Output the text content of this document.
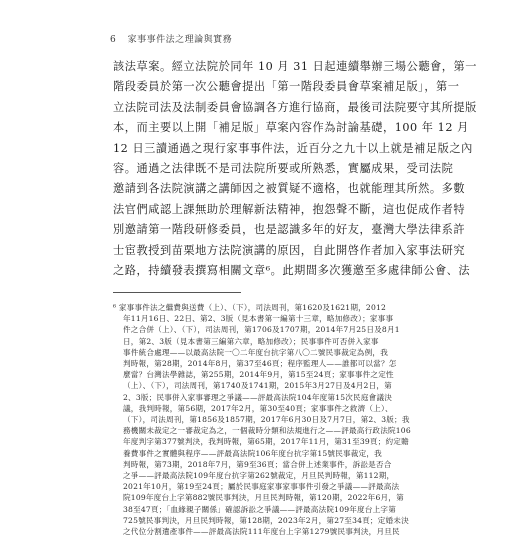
6 家事事件法之理論與實務
該法草案。經立法院於同年 10 月 31 日起連續舉辦三場公聽會，第一
階段委員於第一次公聽會提出「第一階段委員會草案補足版」，第一
立法院司法及法制委員會協調各方進行協商，最後司法院要守其所提版
本，而主要以上開「補足版」草案內容作為討論基礎，100 年 12 月
12 日三讀通過之現行家事事件法，近百分之九十以上就是補足版之內
容。通過之法律既不是司法院所要或所熟悉，實屬成果，受司法院
邀請到各法院演講之講師因之被質疑不適格，也就能理其所然。多數
法官們咸認上課無助於理解新法精神，抱怨聲不斷，這也促成作者特
別邀請第一階段研修委員，也是認識多年的好友，臺灣大學法律系許
士宦教授到苗栗地方法院演講的原因，自此開啓作者加入家事法研究
之路，持續發表撰寫相關文章⁶。此期間多次獲邀至多處律師公會、法
⁶ 家事事件法之繼費與送費（上）、（下），司法周刊，第1620及1621期，2012
年11月16日、22日、第2、3版（見本書第一編第十三章，略加修改）；家事事
件之合併（上）、（下），司法周刊，第1706及1707期，2014年7月25日及8月1
日，第2、3版（見本書第三編第六章，略加修改）；民事事件可否併入家事
事件統合處理——以最高法院一〇二年度台抗字第八〇二號民事裁定為例，我
判時報，第28期，2014年8月，第37至46頁；程序監理人——誰都可以當？怎
麼當？台灣法學雜誌，第255期，2014年9月，第15至24頁；家事事件之定性
（上）、（下），司法周刊，第1740及1741期，2015年3月27日及4月2日，第
2、3版；民事併入家事審理之爭議——評最高法院104年度第15次民庭會議決
議，我判時報，第56期，2017年2月，第30至40頁；家事事件之救濟（上）、
（下），司法周刊，第1856及1857期，2017年6月30日及7月7日，第2、3版；我
務機關未裁定之一審裁定為之，一個裁時分類和法規進行之——評最高行政法院106
年度判字第377號判決，我判時報，第65期，2017年11月，第31至39頁；約定贍
養費事件之實體與程序——評最高法院106年度台抗字第15號民事裁定，我
判時報，第73期，2018年7月，第9至36頁；當合併上述業事件，訴訟是否合
之爭——評最高法院109年度台抗字第262號裁定，月旦民判時報，第112期，
2021年10月，第19至24頁；屬於民事庭家事家事事件引發之爭議——評最高法
院109年度台上字第882號民事判決，月旦民判時報，第120期，2022年6月，第
38至47頁；「血緣親子關係」確認訴訟之爭議——評最高法院109年度台上字第
725號民事判決，月旦民判時報，第128期，2023年2月，第27至34頁；定婚未決
之代位分割遺產事件——評最高法院111年度台上字第1279號民事判決，月旦民
